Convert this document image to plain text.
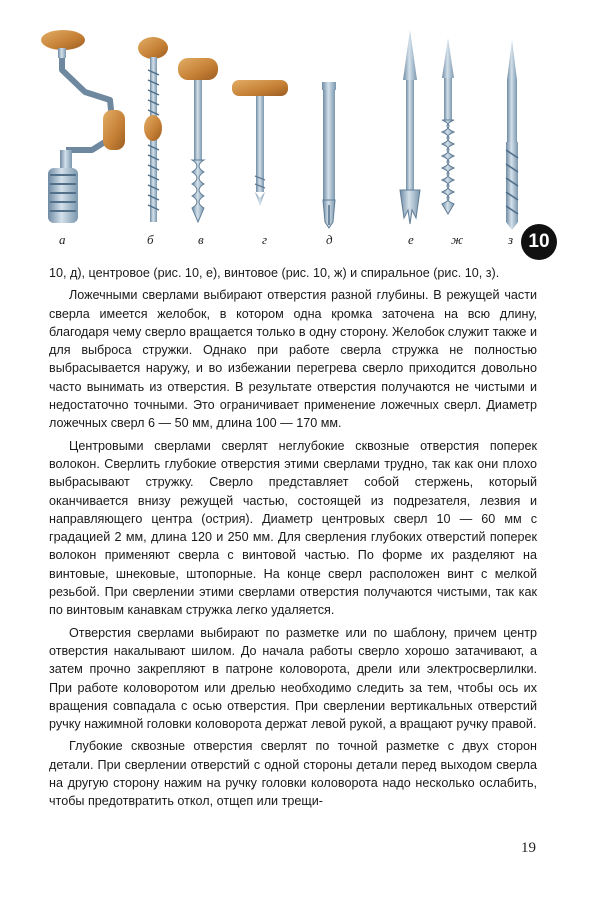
а	б	в	г	д	е	ж	з 10

10, д), центровое (рис. 10, е), винтовое (рис. 10, ж) и спиральное (рис. 10, з).

Ложечными сверлами выбирают отверстия разной глубины. В режущей части сверла имеется желобок, в котором одна кромка заточена на всю длину, благодаря чему сверло вращается только в одну сторону. Желобок служит также и для выброса стружки. Однако при работе сверла стружка не полностью выбрасывается наружу, и во избежании перегрева сверло приходится довольно часто вынимать из отверстия. В результате отверстия получаются не чистыми и недостаточно точными. Это ограничивает применение ложечных сверл. Диаметр ложечных сверл 6 — 50 мм, длина 100 — 170 мм.

Центровыми сверлами сверлят неглубокие сквозные отверстия поперек волокон. Сверлить глубокие отверстия этими сверлами трудно, так как они плохо выбрасывают стружку. Сверло представляет собой стержень, который оканчивается внизу режущей частью, состоящей из подрезателя, лезвия и направляющего центра (острия). Диаметр центровых сверл 10 — 60 мм с градацией 2 мм, длина 120 и 250 мм. Для сверления глубоких отверстий поперек волокон применяют сверла с винтовой частью. По форме их разделяют на винтовые, шнековые, штопорные. На конце сверл расположен винт с мелкой резьбой. При сверлении этими сверлами отверстия получаются чистыми, так как по винтовым канавкам стружка легко удаляется.

Отверстия сверлами выбирают по разметке или по шаблону, причем центр отверстия накалывают шилом. До начала работы сверло хорошо затачивают, а затем прочно закрепляют в патроне коловорота, дрели или электросверлилки. При работе коловоротом или дрелью необходимо следить за тем, чтобы ось их вращения совпадала с осью отверстия. При сверлении вертикальных отверстий ручку нажимной головки коловорота держат левой рукой, а вращают ручку правой.

Глубокие сквозные отверстия сверлят по точной разметке с двух сторон детали. При сверлении отверстий с одной стороны детали перед выходом сверла на другую сторону нажим на ручку головки коловорота надо несколько ослабить, чтобы предотвратить откол, отщеп или трещи-

19
